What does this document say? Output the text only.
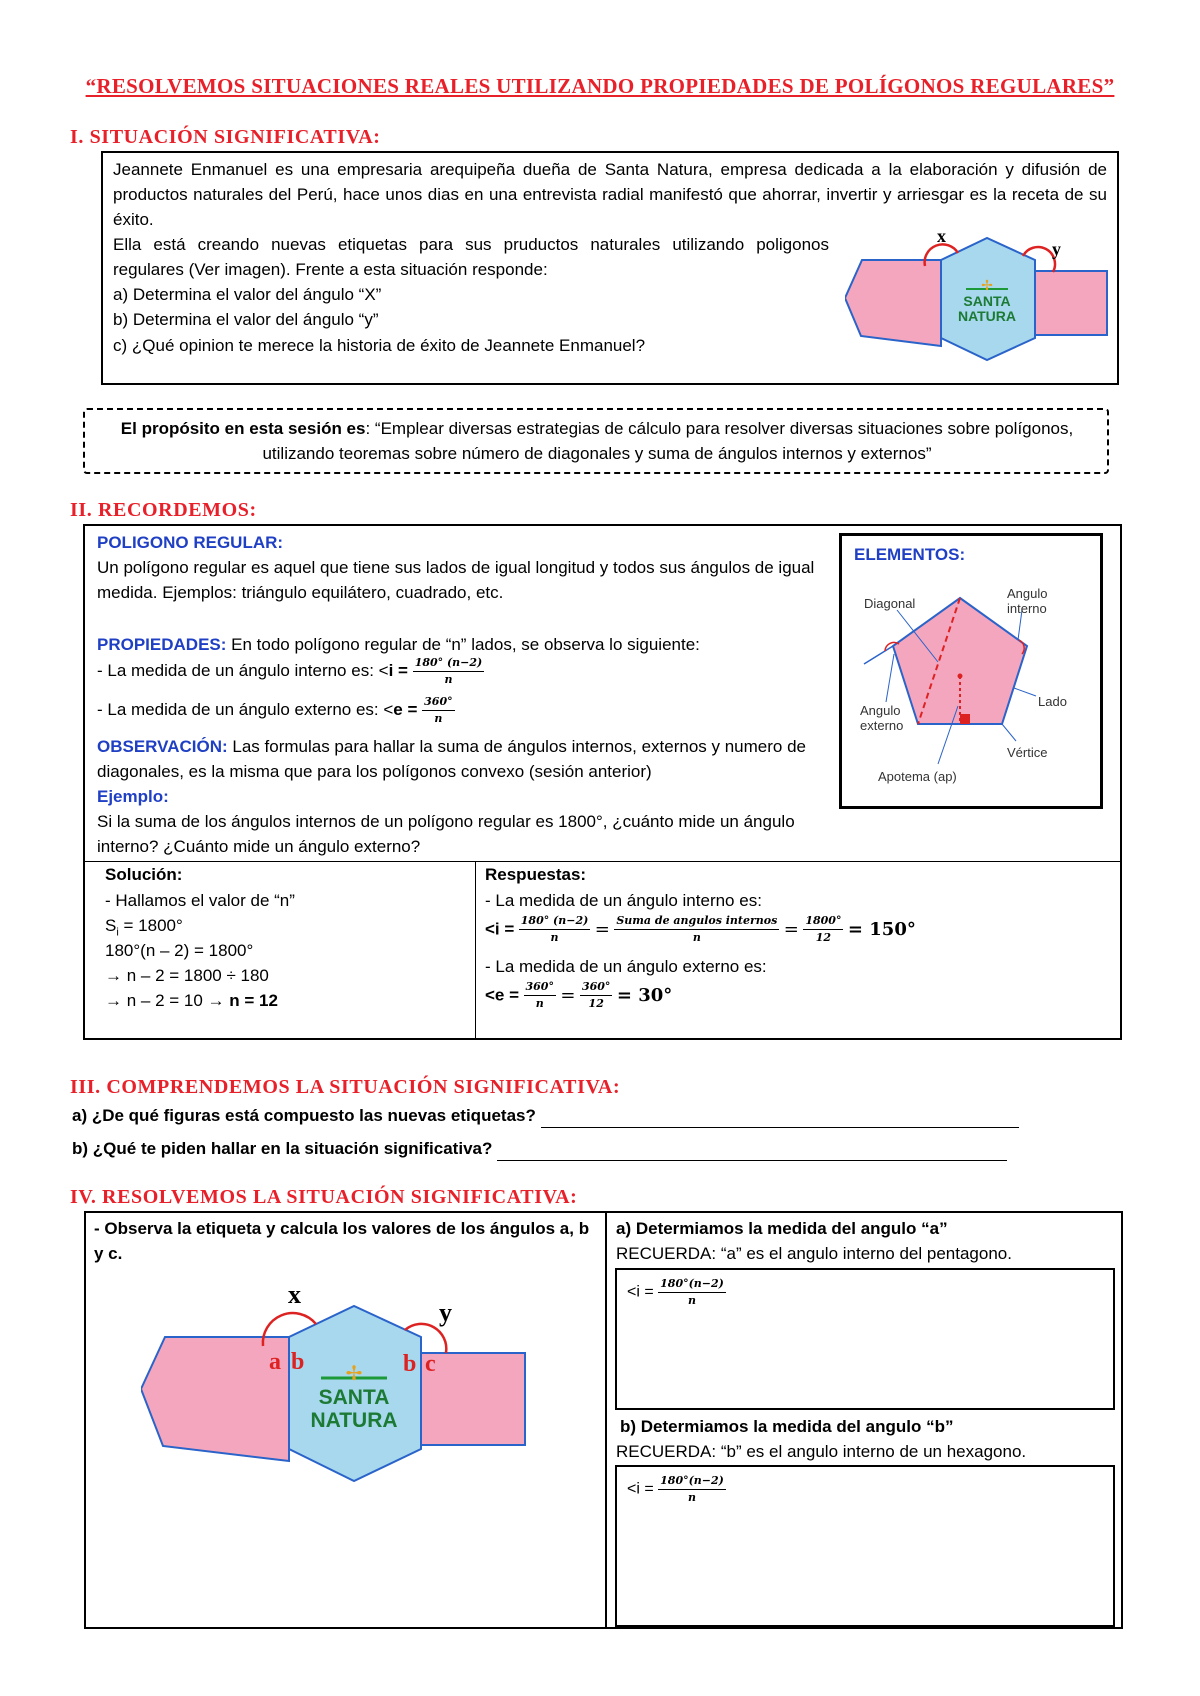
“RESOLVEMOS SITUACIONES REALES UTILIZANDO PROPIEDADES DE POLÍGONOS REGULARES”
I. SITUACIÓN SIGNIFICATIVA:
Jeannete Enmanuel es una empresaria arequipeña dueña de Santa Natura, empresa dedicada a la elaboración y difusión de productos naturales del Perú, hace unos dias en una entrevista radial manifestó que ahorrar, invertir y arriesgar es la receta de su éxito.
Ella está creando nuevas etiquetas para sus pruductos naturales utilizando poligonos regulares (Ver imagen). Frente a esta situación responde:
a) Determina el valor del ángulo “X”
b) Determina el valor del ángulo “y”
c) ¿Qué opinion te merece la historia de éxito de Jeannete Enmanuel?
x
y
✢
SANTA
NATURA
El propósito en esta sesión es: “Emplear diversas estrategias de cálculo para resolver diversas situaciones sobre polígonos, utilizando teoremas sobre número de diagonales y suma de ángulos internos y externos”
II. RECORDEMOS:
POLIGONO REGULAR:
Un polígono regular es aquel que tiene sus lados de igual longitud y todos sus ángulos de igual medida. Ejemplos: triángulo equilátero, cuadrado, etc.
PROPIEDADES: En todo polígono regular de “n” lados, se observa lo siguiente:
- La medida de un ángulo interno es: $<i = \frac{180^\circ (n-2)}{n}$
- La medida de un ángulo externo es: $<e = \frac{360^\circ}{n}$
OBSERVACIÓN: Las formulas para hallar la suma de ángulos internos, externos y numero de diagonales, es la misma que para los polígonos convexo (sesión anterior)
Ejemplo:
Si la suma de los ángulos internos de un polígono regular es 1800°, ¿cuánto mide un ángulo interno? ¿Cuánto mide un ángulo externo?
ELEMENTOS:
Diagonal
Angulo
interno
Lado
Angulo
externo
Vértice
Apotema (ap)
Solución:
- Hallamos el valor de “n”
$S_i = 1800^\circ$
180°(n – 2) = 1800°
→ n – 2 = 1800 ÷ 180
→ n – 2 = 10 → n = 12
Respuestas:
- La medida de un ángulo interno es:
$<i = \frac{180^\circ (n-2)}{n} = \frac{\text{Suma de angulos internos}}{n} = \frac{1800^\circ}{12} = 150^\circ$
- La medida de un ángulo externo es:
$<e = \frac{360^\circ}{n} = \frac{360^\circ}{12} = 30^\circ$
III. COMPRENDEMOS LA SITUACIÓN SIGNIFICATIVA:
a) ¿De qué figuras está compuesto las nuevas etiquetas?
b) ¿Qué te piden hallar en la situación significativa?
IV. RESOLVEMOS LA SITUACIÓN SIGNIFICATIVA:
- Observa la etiqueta y calcula los valores de los ángulos a, b y c.
x
y
a b	b c
✢
SANTA
NATURA
a) Determiamos la medida del angulo “a”
RECUERDA: “a” es el angulo interno del pentagono.
$<i = \frac{180^\circ(n-2)}{n}$
b) Determiamos la medida del angulo “b”
RECUERDA: “b” es el angulo interno de un hexagono.
$<i = \frac{180^\circ(n-2)}{n}$
